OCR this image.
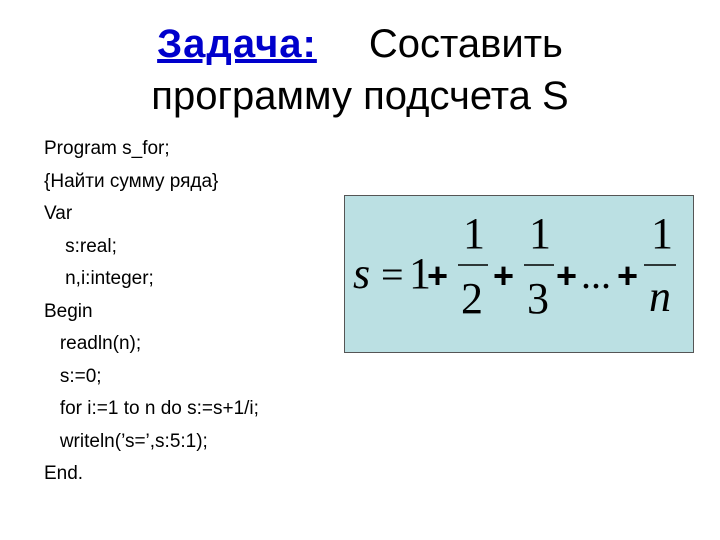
Задача: Составить
программу подсчета S
Program s_for;
{Найти сумму ряда}
Var
s:real;
n,i:integer;
Begin
readln(n);
s:=0;
for i:=1 to n do s:=s+1/i;
writeln(’s=’,s:5:1);
End.
s = 1
+
1
2 +
1
3 + ... +
1
n
